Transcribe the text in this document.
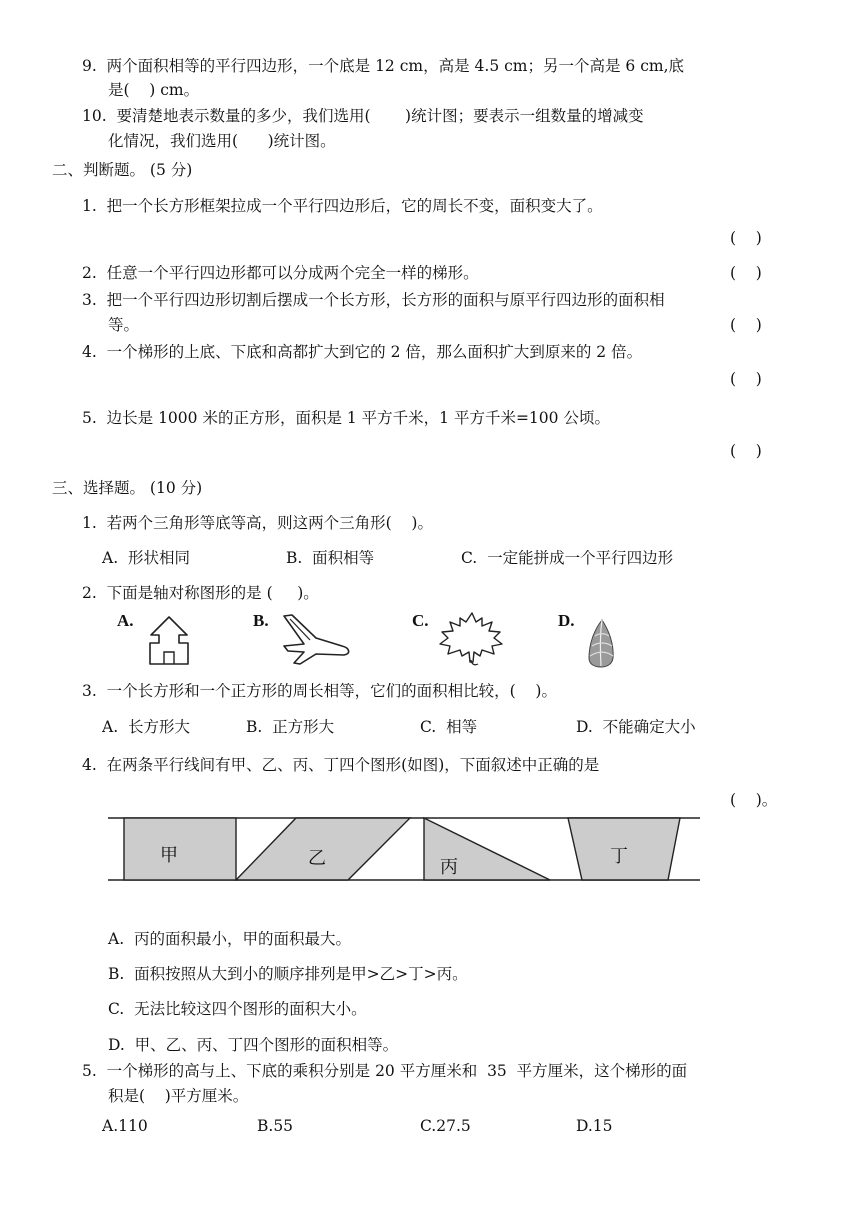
9.  两个面积相等的平行四边形，一个底是 12 cm，高是 4.5 cm；另一个高是 6 cm,底
是(    ) cm。
10.  要清楚地表示数量的多少，我们选用(       )统计图；要表示一组数量的增减变
化情况，我们选用(      )统计图。
二、判断题。 (5 分)
1.  把一个长方形框架拉成一个平行四边形后，它的周长不变，面积变大了。
(    )
2.  任意一个平行四边形都可以分成两个完全一样的梯形。	(    )
3.  把一个平行四边形切割后摆成一个长方形，长方形的面积与原平行四边形的面积相
等。	(    )
4.  一个梯形的上底、下底和高都扩大到它的 2 倍，那么面积扩大到原来的 2 倍。
(    )
5.  边长是 1000 米的正方形，面积是 1 平方千米，1 平方千米=100 公顷。
(    )
三、选择题。 (10 分)
1.  若两个三角形等底等高，则这两个三角形(    )。
A.  形状相同	B.  面积相等	C.  一定能拼成一个平行四边形
2.  下面是轴对称图形的是 (     )。
A.	B.	C.	D.
3.  一个长方形和一个正方形的周长相等，它们的面积相比较，(    )。
A.  长方形大	B.  正方形大	C.  相等	D.  不能确定大小
4.  在两条平行线间有甲、乙、丙、丁四个图形(如图)，下面叙述中正确的是
(    )。
甲	乙	丙
丁
A.  丙的面积最小，甲的面积最大。
B.  面积按照从大到小的顺序排列是甲>乙>丁>丙。
C.  无法比较这四个图形的面积大小。
D.  甲、乙、丙、丁四个图形的面积相等。
5.  一个梯形的高与上、下底的乘积分别是 20 平方厘米和  35  平方厘米，这个梯形的面
积是(    )平方厘米。
A.110	B.55	C.27.5	D.15
